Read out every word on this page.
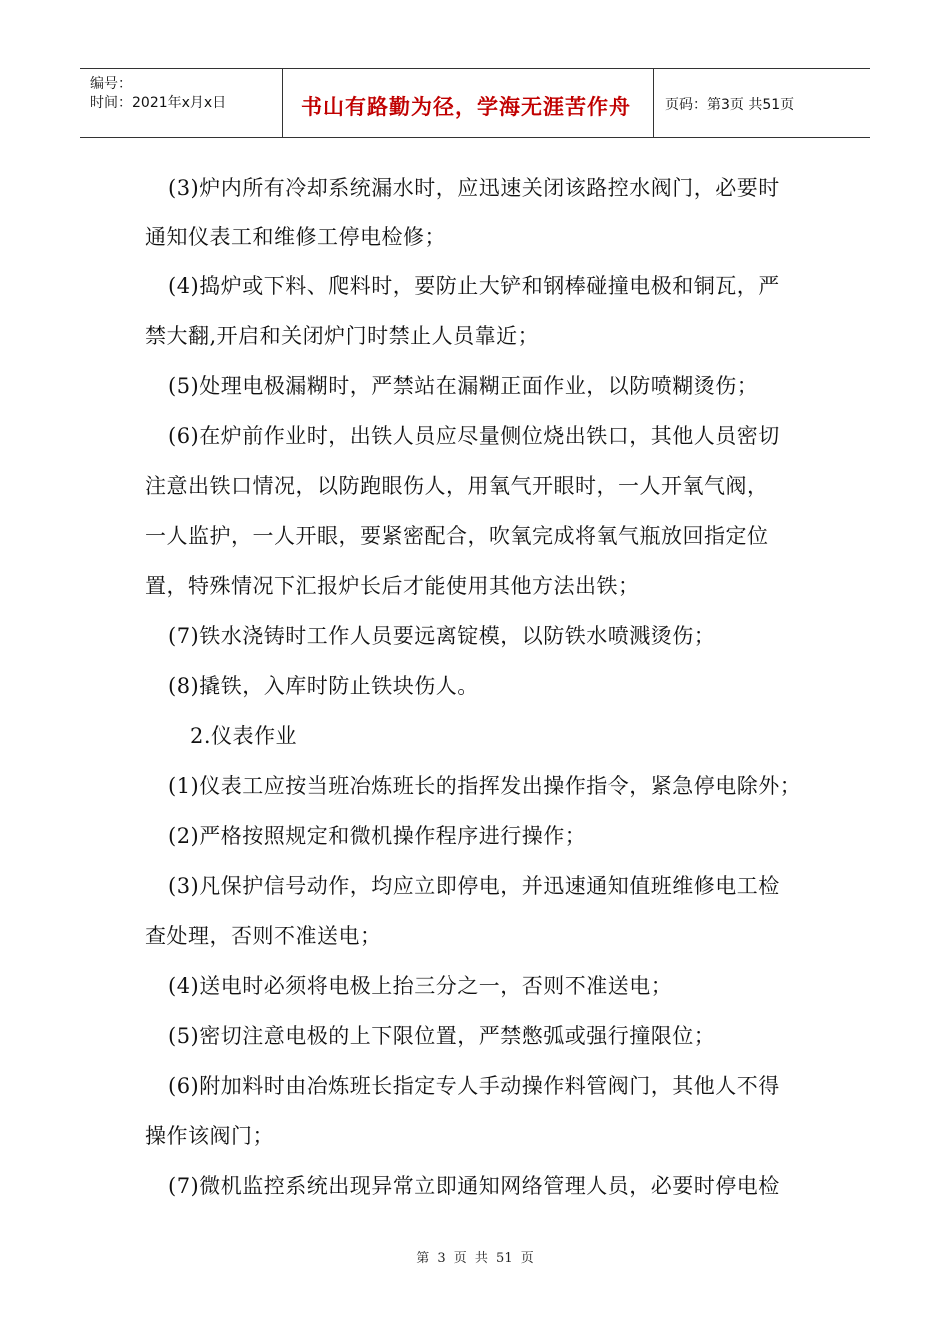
编号：
时间：2021年x月x日	书山有路勤为径，学海无涯苦作舟 页码：第3页 共51页
(3)炉内所有冷却系统漏水时，应迅速关闭该路控水阀门，必要时
通知仪表工和维修工停电检修；
(4)捣炉或下料、爬料时，要防止大铲和钢棒碰撞电极和铜瓦，严
禁大翻,开启和关闭炉门时禁止人员靠近；
(5)处理电极漏糊时，严禁站在漏糊正面作业，以防喷糊烫伤；
(6)在炉前作业时，出铁人员应尽量侧位烧出铁口，其他人员密切
注意出铁口情况，以防跑眼伤人，用氧气开眼时，一人开氧气阀，
一人监护，一人开眼，要紧密配合，吹氧完成将氧气瓶放回指定位
置，特殊情况下汇报炉长后才能使用其他方法出铁；
(7)铁水浇铸时工作人员要远离锭模，以防铁水喷溅烫伤；
(8)撬铁，入库时防止铁块伤人。
2.仪表作业
(1)仪表工应按当班冶炼班长的指挥发出操作指令，紧急停电除外；
(2)严格按照规定和微机操作程序进行操作；
(3)凡保护信号动作，均应立即停电，并迅速通知值班维修电工检
查处理，否则不准送电；
(4)送电时必须将电极上抬三分之一，否则不准送电；
(5)密切注意电极的上下限位置，严禁憋弧或强行撞限位；
(6)附加料时由冶炼班长指定专人手动操作料管阀门，其他人不得
操作该阀门；
(7)微机监控系统出现异常立即通知网络管理人员，必要时停电检
第 3 页 共 51 页
